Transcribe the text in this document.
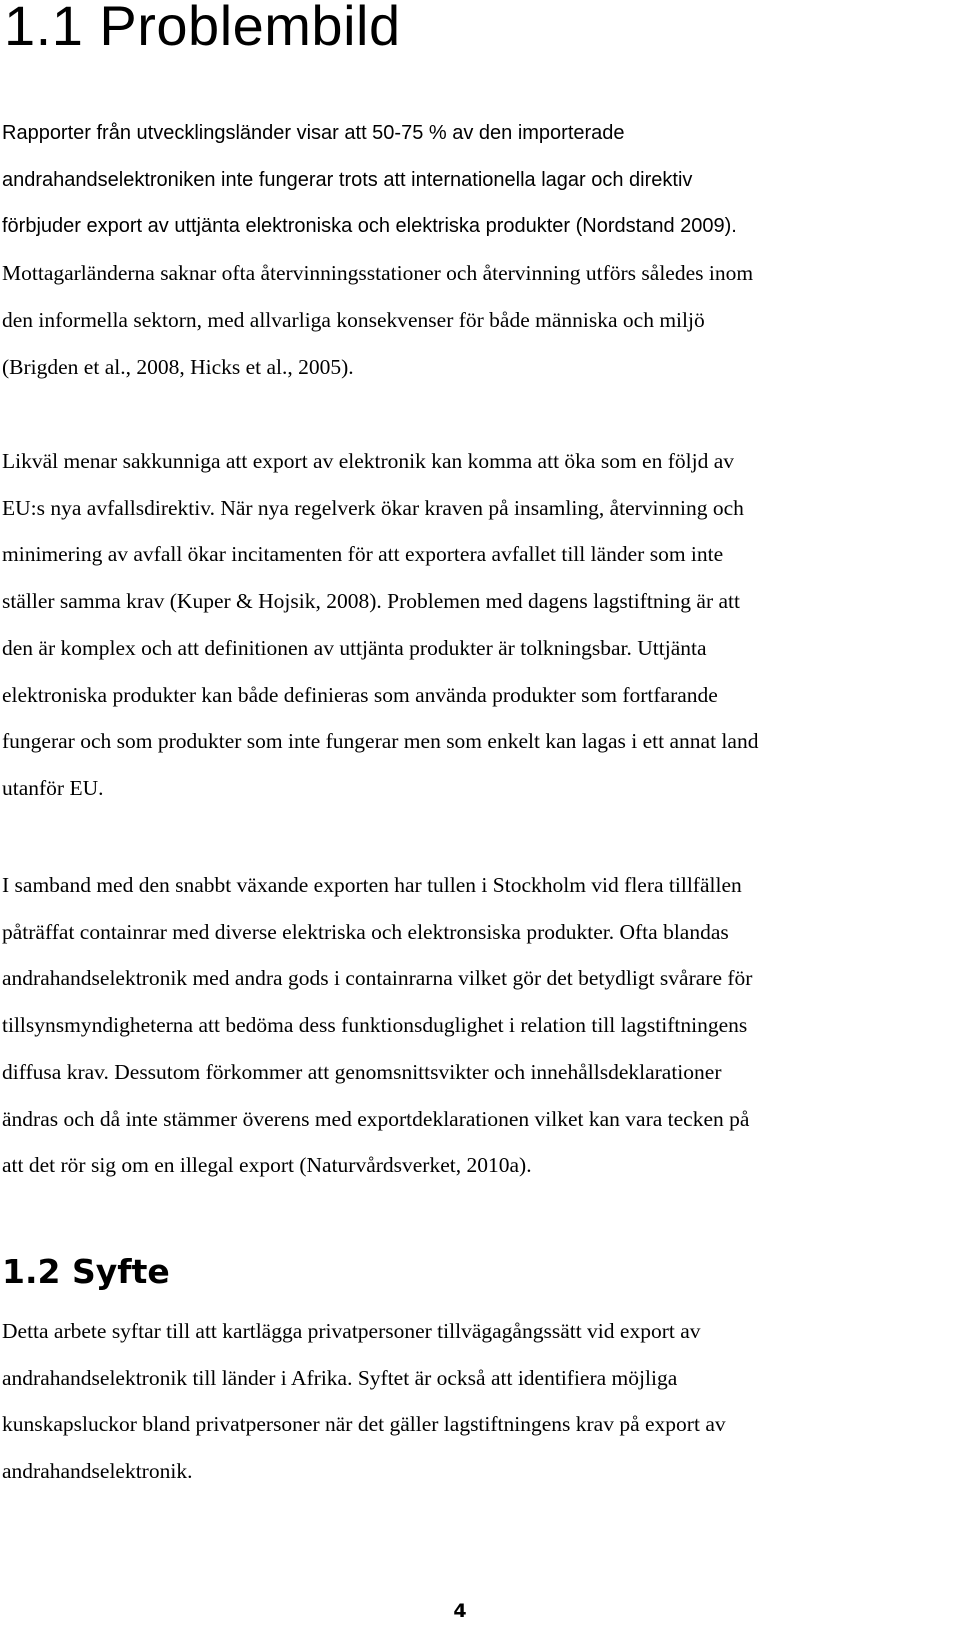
1.1 Problembild

Rapporter från utvecklingsländer visar att 50-75 % av den importerade
andrahandselektroniken inte fungerar trots att internationella lagar och direktiv
förbjuder export av uttjänta elektroniska och elektriska produkter (Nordstand 2009).
Mottagarländerna saknar ofta återvinningsstationer och återvinning utförs således inom
den informella sektorn, med allvarliga konsekvenser för både människa och miljö
(Brigden et al., 2008, Hicks et al., 2005).

Likväl menar sakkunniga att export av elektronik kan komma att öka som en följd av
EU:s nya avfallsdirektiv. När nya regelverk ökar kraven på insamling, återvinning och
minimering av avfall ökar incitamenten för att exportera avfallet till länder som inte
ställer samma krav (Kuper & Hojsik, 2008). Problemen med dagens lagstiftning är att
den är komplex och att definitionen av uttjänta produkter är tolkningsbar. Uttjänta
elektroniska produkter kan både definieras som använda produkter som fortfarande
fungerar och som produkter som inte fungerar men som enkelt kan lagas i ett annat land
utanför EU.

I samband med den snabbt växande exporten har tullen i Stockholm vid flera tillfällen
påträffat containrar med diverse elektriska och elektronsiska produkter. Ofta blandas
andrahandselektronik med andra gods i containrarna vilket gör det betydligt svårare för
tillsynsmyndigheterna att bedöma dess funktionsduglighet i relation till lagstiftningens
diffusa krav. Dessutom förkommer att genomsnittsvikter och innehållsdeklarationer
ändras och då inte stämmer överens med exportdeklarationen vilket kan vara tecken på
att det rör sig om en illegal export (Naturvårdsverket, 2010a).

1.2 Syfte

Detta arbete syftar till att kartlägga privatpersoner tillvägagångssätt vid export av
andrahandselektronik till länder i Afrika. Syftet är också att identifiera möjliga
kunskapsluckor bland privatpersoner när det gäller lagstiftningens krav på export av
andrahandselektronik.

4
